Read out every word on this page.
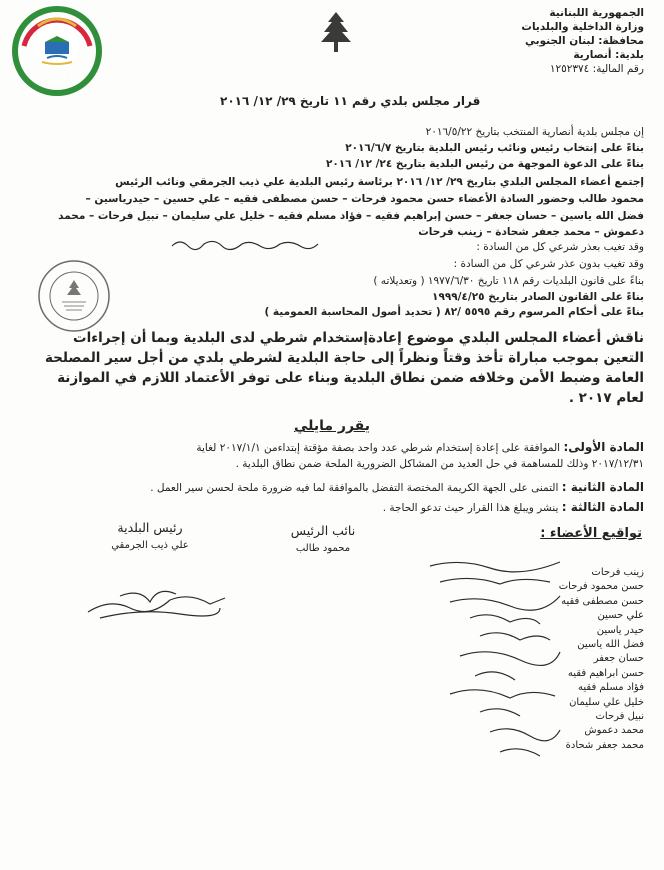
بلدية أنصارية
الجمهورية اللبنانية
وزارة الداخلية والبلديات
محافظة: لبنان الجنوبي
بلدية: أنصارية
رقم المالية: ١٢٥٢٣٧٤
قرار مجلس بلدي رقم ١١ تاريخ ٢٩/ ١٢/ ٢٠١٦
إن مجلس بلدية أنصارية المنتخب بتاريخ ٢٠١٦/٥/٢٢
بناءً على إنتخاب رئيس ونائب رئيس البلدية بتاريخ ٢٠١٦/٦/٧
بناءً على الدعوة الموجهة من رئيس البلدية بتاريخ ٢٤/ ١٢/ ٢٠١٦
إجتمع أعضاء المجلس البلدي بتاريخ ٢٩/ ١٢/ ٢٠١٦ برئاسة رئيس البلدية علي ذيب الجرمقي ونائب الرئيس
محمود طالب وحضور السادة الأعضاء حسن محمود فرحات – حسن مصطفى فقيه – علي حسين – حيدرياسين –
فضل الله ياسين – حسان جعفر – حسن إبراهيم فقيه – فؤاد مسلم فقيه – خليل علي سليمان – نبيل فرحات – محمد
دعموش – محمد جعفر شحادة – زينب فرحات
وقد تغيب بعذر شرعي كل من السادة :
وقد تغيب بدون عذر شرعي كل من السادة :
بناءً على قانون البلديات رقم ١١٨ تاريخ ١٩٧٧/٦/٣٠ ( وتعديلاته )
بناءً على القانون الصادر بتاريخ ١٩٩٩/٤/٢٥
بناءً على أحكام المرسوم رقم ٥٥٩٥ /٨٢ ( تحديد أصول المحاسبة العمومية )
ناقش أعضاء المجلس البلدي موضوع إعادةإستخدام شرطي لدى البلدية وبما أن إجراءات التعين بموجب مباراة تأخذ وقتاً ونظراً إلى حاجة البلدية لشرطي بلدي من أجل سير المصلحة العامة وضبط الأمن وخلافه ضمن نطاق البلدية وبناء على توفر الأعتماد اللازم في الموازنة لعام ٢٠١٧ .
يقرر مايلي
المادة الأولى: الموافقة على إعادة إستخدام شرطي عدد واحد بصفة مؤقتة إبتداءمن ٢٠١٧/١/١ لغاية
٢٠١٧/١٢/٣١ وذلك للمساهمة في حل العديد من المشاكل الضرورية الملحة ضمن نطاق البلدية .
المادة الثانية : التمنى على الجهة الكريمة المختصة التفضل بالموافقة لما فيه ضرورة ملحة لحسن سير العمل .
المادة الثالثة : ينشر ويبلغ هذا القرار حيث تدعو الحاجة .
تواقيع الأعضاء :
نائب الرئيس
محمود طالب
رئيس البلدية
علي ذيب الجرمقي
زينب فرحات
حسن محمود فرحات
حسن مصطفى فقيه
علي حسين
حيدر ياسين
فضل الله ياسين
حسان جعفر
حسن ابراهيم فقيه
فؤاد مسلم فقيه
خليل علي سليمان
نبيل فرحات
محمد دعموش
محمد جعفر شحادة
